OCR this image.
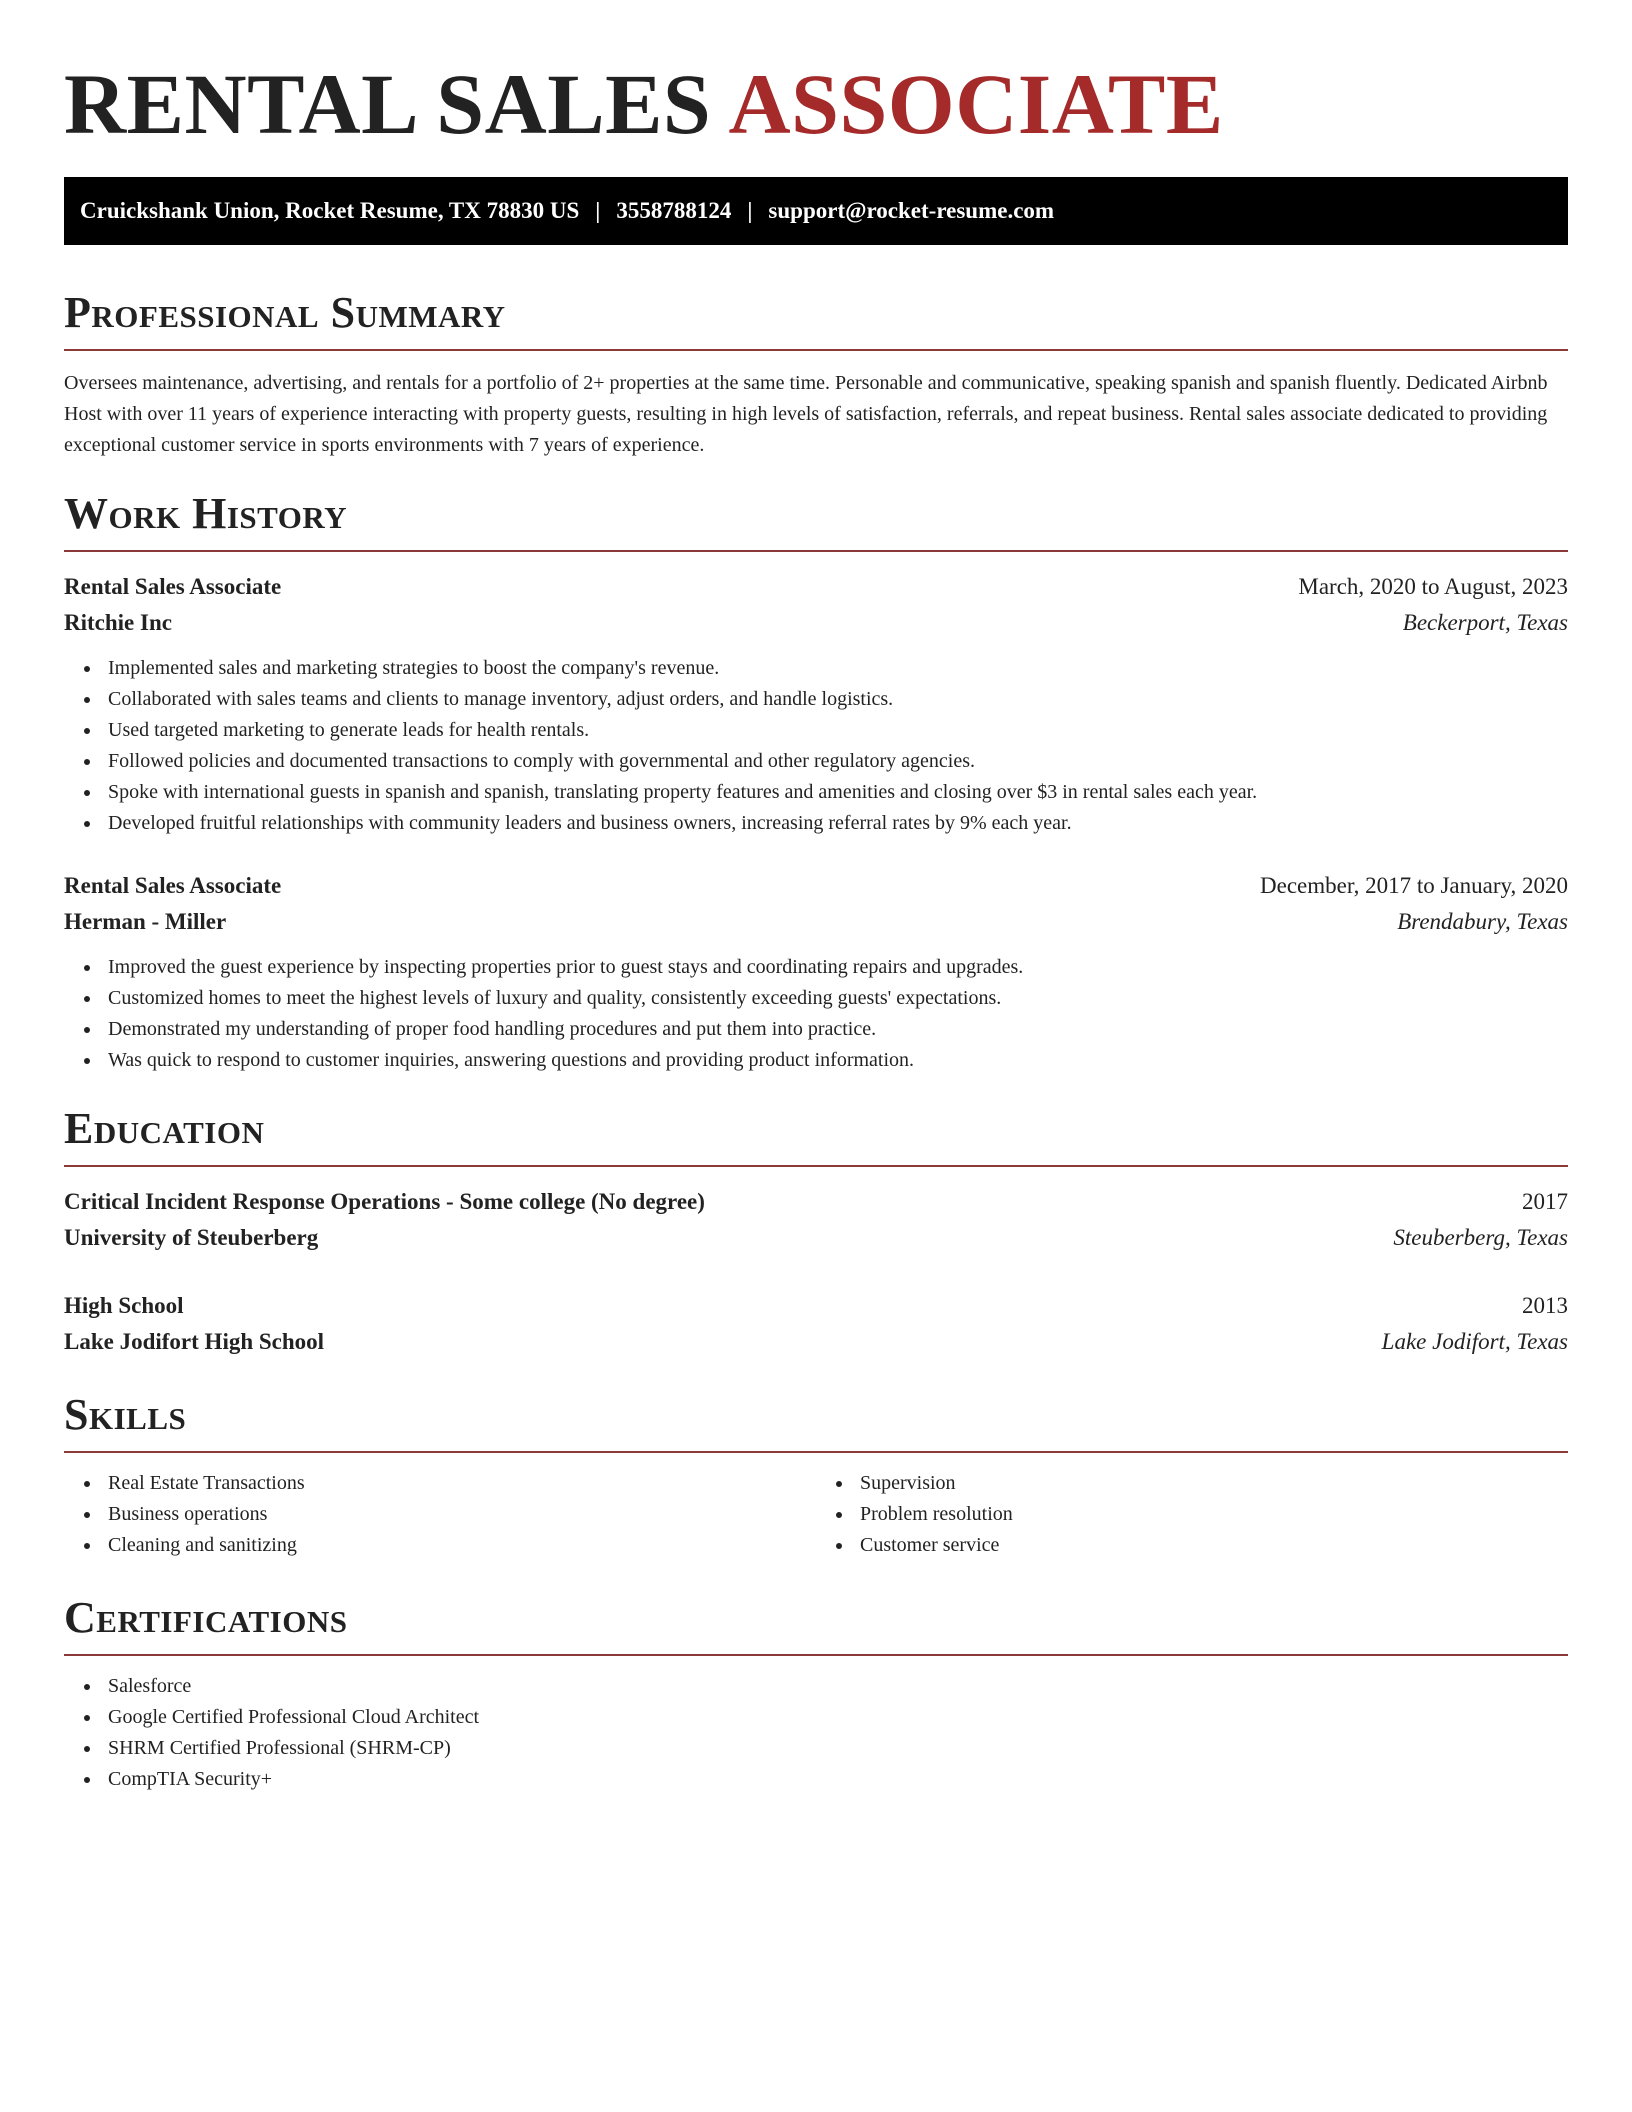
RENTAL SALES ASSOCIATE
Cruickshank Union, Rocket Resume, TX 78830 US | 3558788124 | support@rocket-resume.com
Professional Summary

Oversees maintenance, advertising, and rentals for a portfolio of 2+ properties at the same time. Personable and communicative, speaking spanish and spanish fluently. Dedicated Airbnb Host with over 11 years of experience interacting with property guests, resulting in high levels of satisfaction, referrals, and repeat business. Rental sales associate dedicated to providing exceptional customer service in sports environments with 7 years of experience.

Work History
Rental Sales Associate	March, 2020 to August, 2023
Ritchie Inc	Beckerport, Texas
Implemented sales and marketing strategies to boost the company's revenue.
Collaborated with sales teams and clients to manage inventory, adjust orders, and handle logistics.
Used targeted marketing to generate leads for health rentals.
Followed policies and documented transactions to comply with governmental and other regulatory agencies.
Spoke with international guests in spanish and spanish, translating property features and amenities and closing over $3 in rental sales each year.
Developed fruitful relationships with community leaders and business owners, increasing referral rates by 9% each year.
Rental Sales Associate	December, 2017 to January, 2020
Herman - Miller	Brendabury, Texas
Improved the guest experience by inspecting properties prior to guest stays and coordinating repairs and upgrades.
Customized homes to meet the highest levels of luxury and quality, consistently exceeding guests' expectations.
Demonstrated my understanding of proper food handling procedures and put them into practice.
Was quick to respond to customer inquiries, answering questions and providing product information.
Education
Critical Incident Response Operations - Some college (No degree)	2017
University of Steuberberg	Steuberberg, Texas
High School	2013
Lake Jodifort High School	Lake Jodifort, Texas
Skills
Real Estate Transactions
Business operations
Cleaning and sanitizing
Supervision
Problem resolution
Customer service
Certifications
Salesforce
Google Certified Professional Cloud Architect
SHRM Certified Professional (SHRM-CP)
CompTIA Security+
